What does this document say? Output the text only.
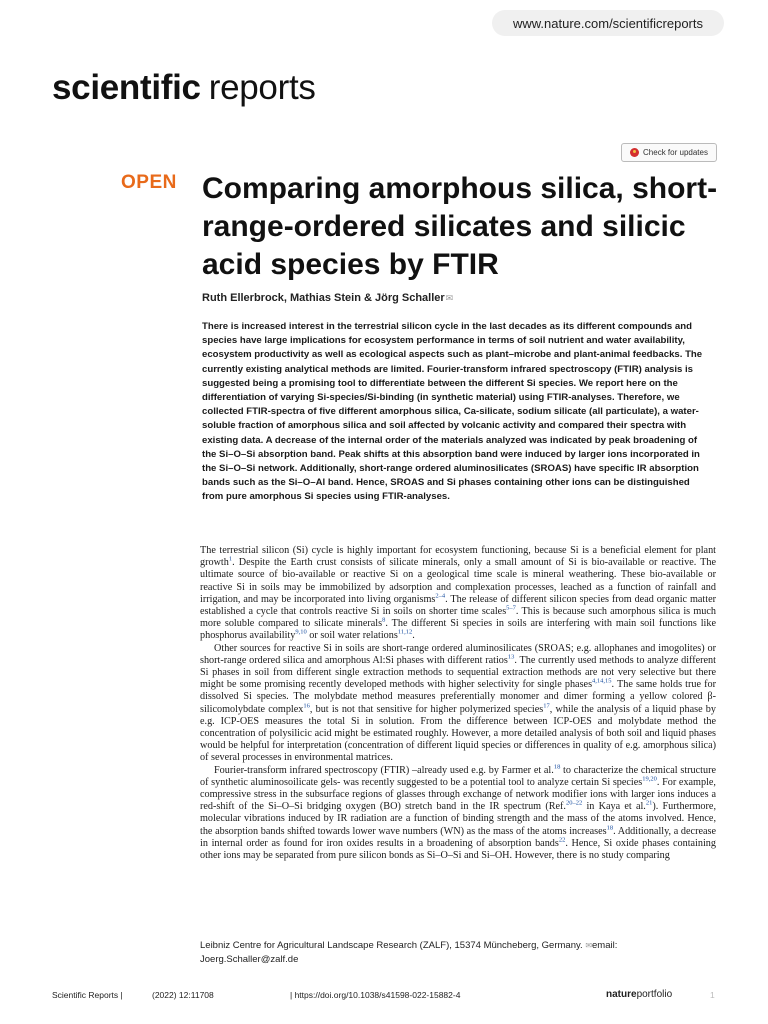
www.nature.com/scientificreports
scientific reports
Check for updates
OPEN Comparing amorphous silica, short-range-ordered silicates and silicic acid species by FTIR
Ruth Ellerbrock, Mathias Stein & Jörg Schaller✉

There is increased interest in the terrestrial silicon cycle in the last decades as its different compounds and species have large implications for ecosystem performance in terms of soil nutrient and water availability, ecosystem productivity as well as ecological aspects such as plant–microbe and plant-animal feedbacks. The currently existing analytical methods are limited. Fourier-transform infrared spectroscopy (FTIR) analysis is suggested being a promising tool to differentiate between the different Si species. We report here on the differentiation of varying Si-species/Si-binding (in synthetic material) using FTIR-analyses. Therefore, we collected FTIR-spectra of five different amorphous silica, Ca-silicate, sodium silicate (all particulate), a water-soluble fraction of amorphous silica and soil affected by volcanic activity and compared their spectra with existing data. A decrease of the internal order of the materials analyzed was indicated by peak broadening of the Si–O–Si absorption band. Peak shifts at this absorption band were induced by larger ions incorporated in the Si–O–Si network. Additionally, short-range ordered aluminosilicates (SROAS) have specific IR absorption bands such as the Si–O–Al band. Hence, SROAS and Si phases containing other ions can be distinguished from pure amorphous Si species using FTIR-analyses.

The terrestrial silicon (Si) cycle is highly important for ecosystem functioning, because Si is a beneficial element for plant growth$^1$. Despite the Earth crust consists of silicate minerals, only a small amount of Si is bio-available or reactive. The ultimate source of bio-available or reactive Si on a geological time scale is mineral weathering. These bio-available or reactive Si in soils may be immobilized by adsorption and complexation processes, leached as a function of rainfall and irrigation, and may be incorporated into living organisms$^{2-4}$. The release of different silicon species from dead organic matter established a cycle that controls reactive Si in soils on shorter time scales$^{5-7}$. This is because such amorphous silica is much more soluble compared to silicate minerals$^8$. The different Si species in soils are interfering with main soil functions like phosphorus availability$^{9,10}$ or soil water relations$^{11,12}$.

Other sources for reactive Si in soils are short-range ordered aluminosilicates (SROAS; e.g. allophanes and imogolites) or short-range ordered silica and amorphous Al:Si phases with different ratios$^{13}$. The currently used methods to analyze different Si phases in soil from different single extraction methods to sequential extraction methods are not very selective but there might be some promising recently developed methods with higher selectivity for single phases$^{4,14,15}$. The same holds true for dissolved Si species. The molybdate method measures preferentially monomer and dimer forming a yellow colored β-silicomolybdate complex$^{16}$, but is not that sensitive for higher polymerized species$^{17}$, while the analysis of a liquid phase by e.g. ICP-OES measures the total Si in solution. From the difference between ICP-OES and molybdate method the concentration of polysilicic acid might be estimated roughly. However, a more detailed analysis of both soil and liquid phases would be helpful for interpretation (concentration of different liquid species or differences in quality of e.g. amorphous silica) of several processes in environmental matrices.

Fourier-transform infrared spectroscopy (FTIR) –already used e.g. by Farmer et al.$^{18}$ to characterize the chemical structure of synthetic aluminosoilicate gels- was recently suggested to be a potential tool to analyze certain Si species$^{19,20}$. For example, compressive stress in the subsurface regions of glasses through exchange of network modifier ions with larger ions induces a red-shift of the Si–O–Si bridging oxygen (BO) stretch band in the IR spectrum (Ref.$^{20-22}$ in Kaya et al.$^{21}$). Furthermore, molecular vibrations induced by IR radiation are a function of binding strength and the mass of the atoms involved. Hence, the absorption bands shifted towards lower wave numbers (WN) as the mass of the atoms increases$^{18}$. Additionally, a decrease in internal order as found for iron oxides results in a broadening of absorption bands$^{22}$. Hence, Si oxide phases containing other ions may be separated from pure silicon bonds as Si–O–Si and Si–OH. However, there is no study comparing

Leibniz Centre for Agricultural Landscape Research (ZALF), 15374 Müncheberg, Germany. ✉email: Joerg.Schaller@zalf.de
Scientific Reports |	(2022) 12:11708	| https://doi.org/10.1038/s41598-022-15882-4	natureportfolio	1
